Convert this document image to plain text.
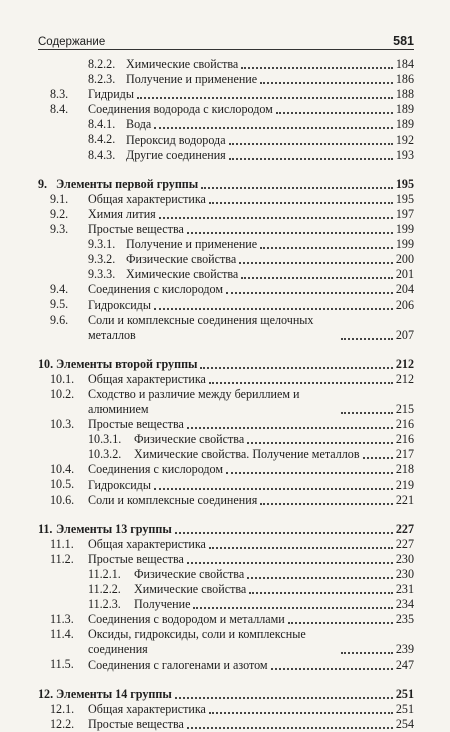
Содержание	581
8.2.2. Химические свойства	184
8.2.3. Получение и применение	186
8.3.	Гидриды	188
8.4.	Соединения водорода с кислородом	189
8.4.1. Вода	189
8.4.2. Пероксид водорода	192
8.4.3. Другие соединения	193
9. Элементы первой группы	195
9.1.	Общая характеристика	195
9.2.	Химия лития	197
9.3.	Простые вещества	199
9.3.1. Получение и применение	199
9.3.2. Физические свойства	200
9.3.3. Химические свойства	201
9.4.	Соединения с кислородом	204
9.5.	Гидроксиды	206
9.6.	Соли и комплексные соединения щелочных металлов	207
10. Элементы второй группы	212
10.1.	Общая характеристика	212
10.2.	Сходство и различие между бериллием и алюминием	215
10.3.	Простые вещества	216
10.3.1.	Физические свойства	216
10.3.2.	Химические свойства. Получение металлов	217
10.4.	Соединения с кислородом	218
10.5.	Гидроксиды	219
10.6.	Соли и комплексные соединения	221
11. Элементы 13 группы	227
11.1.	Общая характеристика	227
11.2.	Простые вещества	230
11.2.1.	Физические свойства	230
11.2.2.	Химические свойства	231
11.2.3.	Получение	234
11.3.	Соединения с водородом и металлами	235
11.4.	Оксиды, гидроксиды, соли и комплексные соединения	239
11.5.	Соединения с галогенами и азотом	247
12. Элементы 14 группы	251
12.1.	Общая характеристика	251
12.2.	Простые вещества	254
